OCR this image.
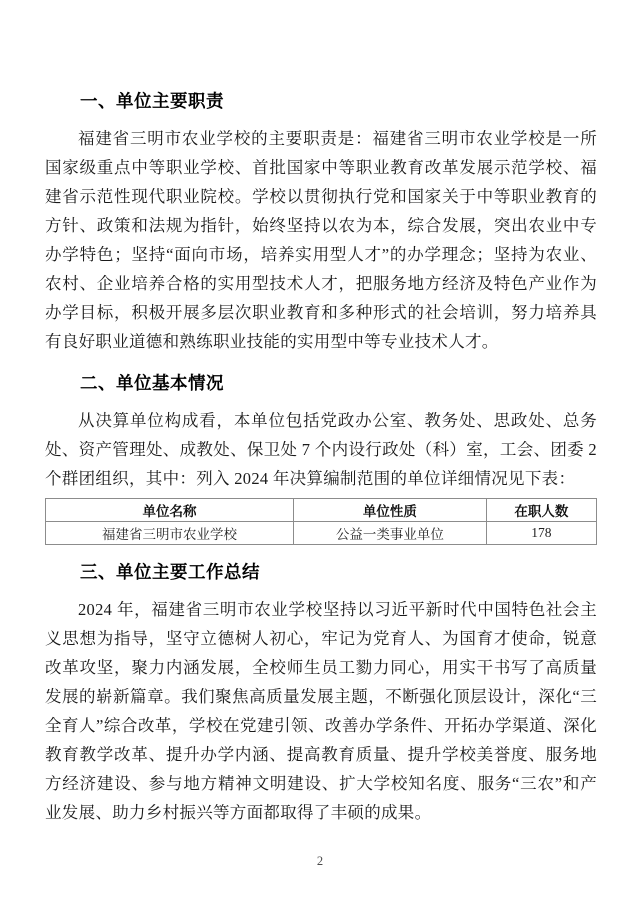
一、单位主要职责

福建省三明市农业学校的主要职责是：福建省三明市农业学校是一所国家级重点中等职业学校、首批国家中等职业教育改革发展示范学校、福建省示范性现代职业院校。学校以贯彻执行党和国家关于中等职业教育的方针、政策和法规为指针，始终坚持以农为本，综合发展，突出农业中专办学特色；坚持“面向市场，培养实用型人才”的办学理念；坚持为农业、农村、企业培养合格的实用型技术人才，把服务地方经济及特色产业作为办学目标，积极开展多层次职业教育和多种形式的社会培训，努力培养具有良好职业道德和熟练职业技能的实用型中等专业技术人才。

二、单位基本情况

从决算单位构成看，本单位包括党政办公室、教务处、思政处、总务处、资产管理处、成教处、保卫处 7 个内设行政处（科）室，工会、团委 2 个群团组织，其中：列入 2024 年决算编制范围的单位详细情况见下表：

单位名称	单位性质	在职人数
福建省三明市农业学校	公益一类事业单位	178
三、单位主要工作总结

2024 年，福建省三明市农业学校坚持以习近平新时代中国特色社会主义思想为指导，坚守立德树人初心，牢记为党育人、为国育才使命，锐意改革攻坚，聚力内涵发展，全校师生员工勠力同心，用实干书写了高质量发展的崭新篇章。我们聚焦高质量发展主题，不断强化顶层设计，深化“三全育人”综合改革，学校在党建引领、改善办学条件、开拓办学渠道、深化教育教学改革、提升办学内涵、提高教育质量、提升学校美誉度、服务地方经济建设、参与地方精神文明建设、扩大学校知名度、服务“三农”和产业发展、助力乡村振兴等方面都取得了丰硕的成果。

2
